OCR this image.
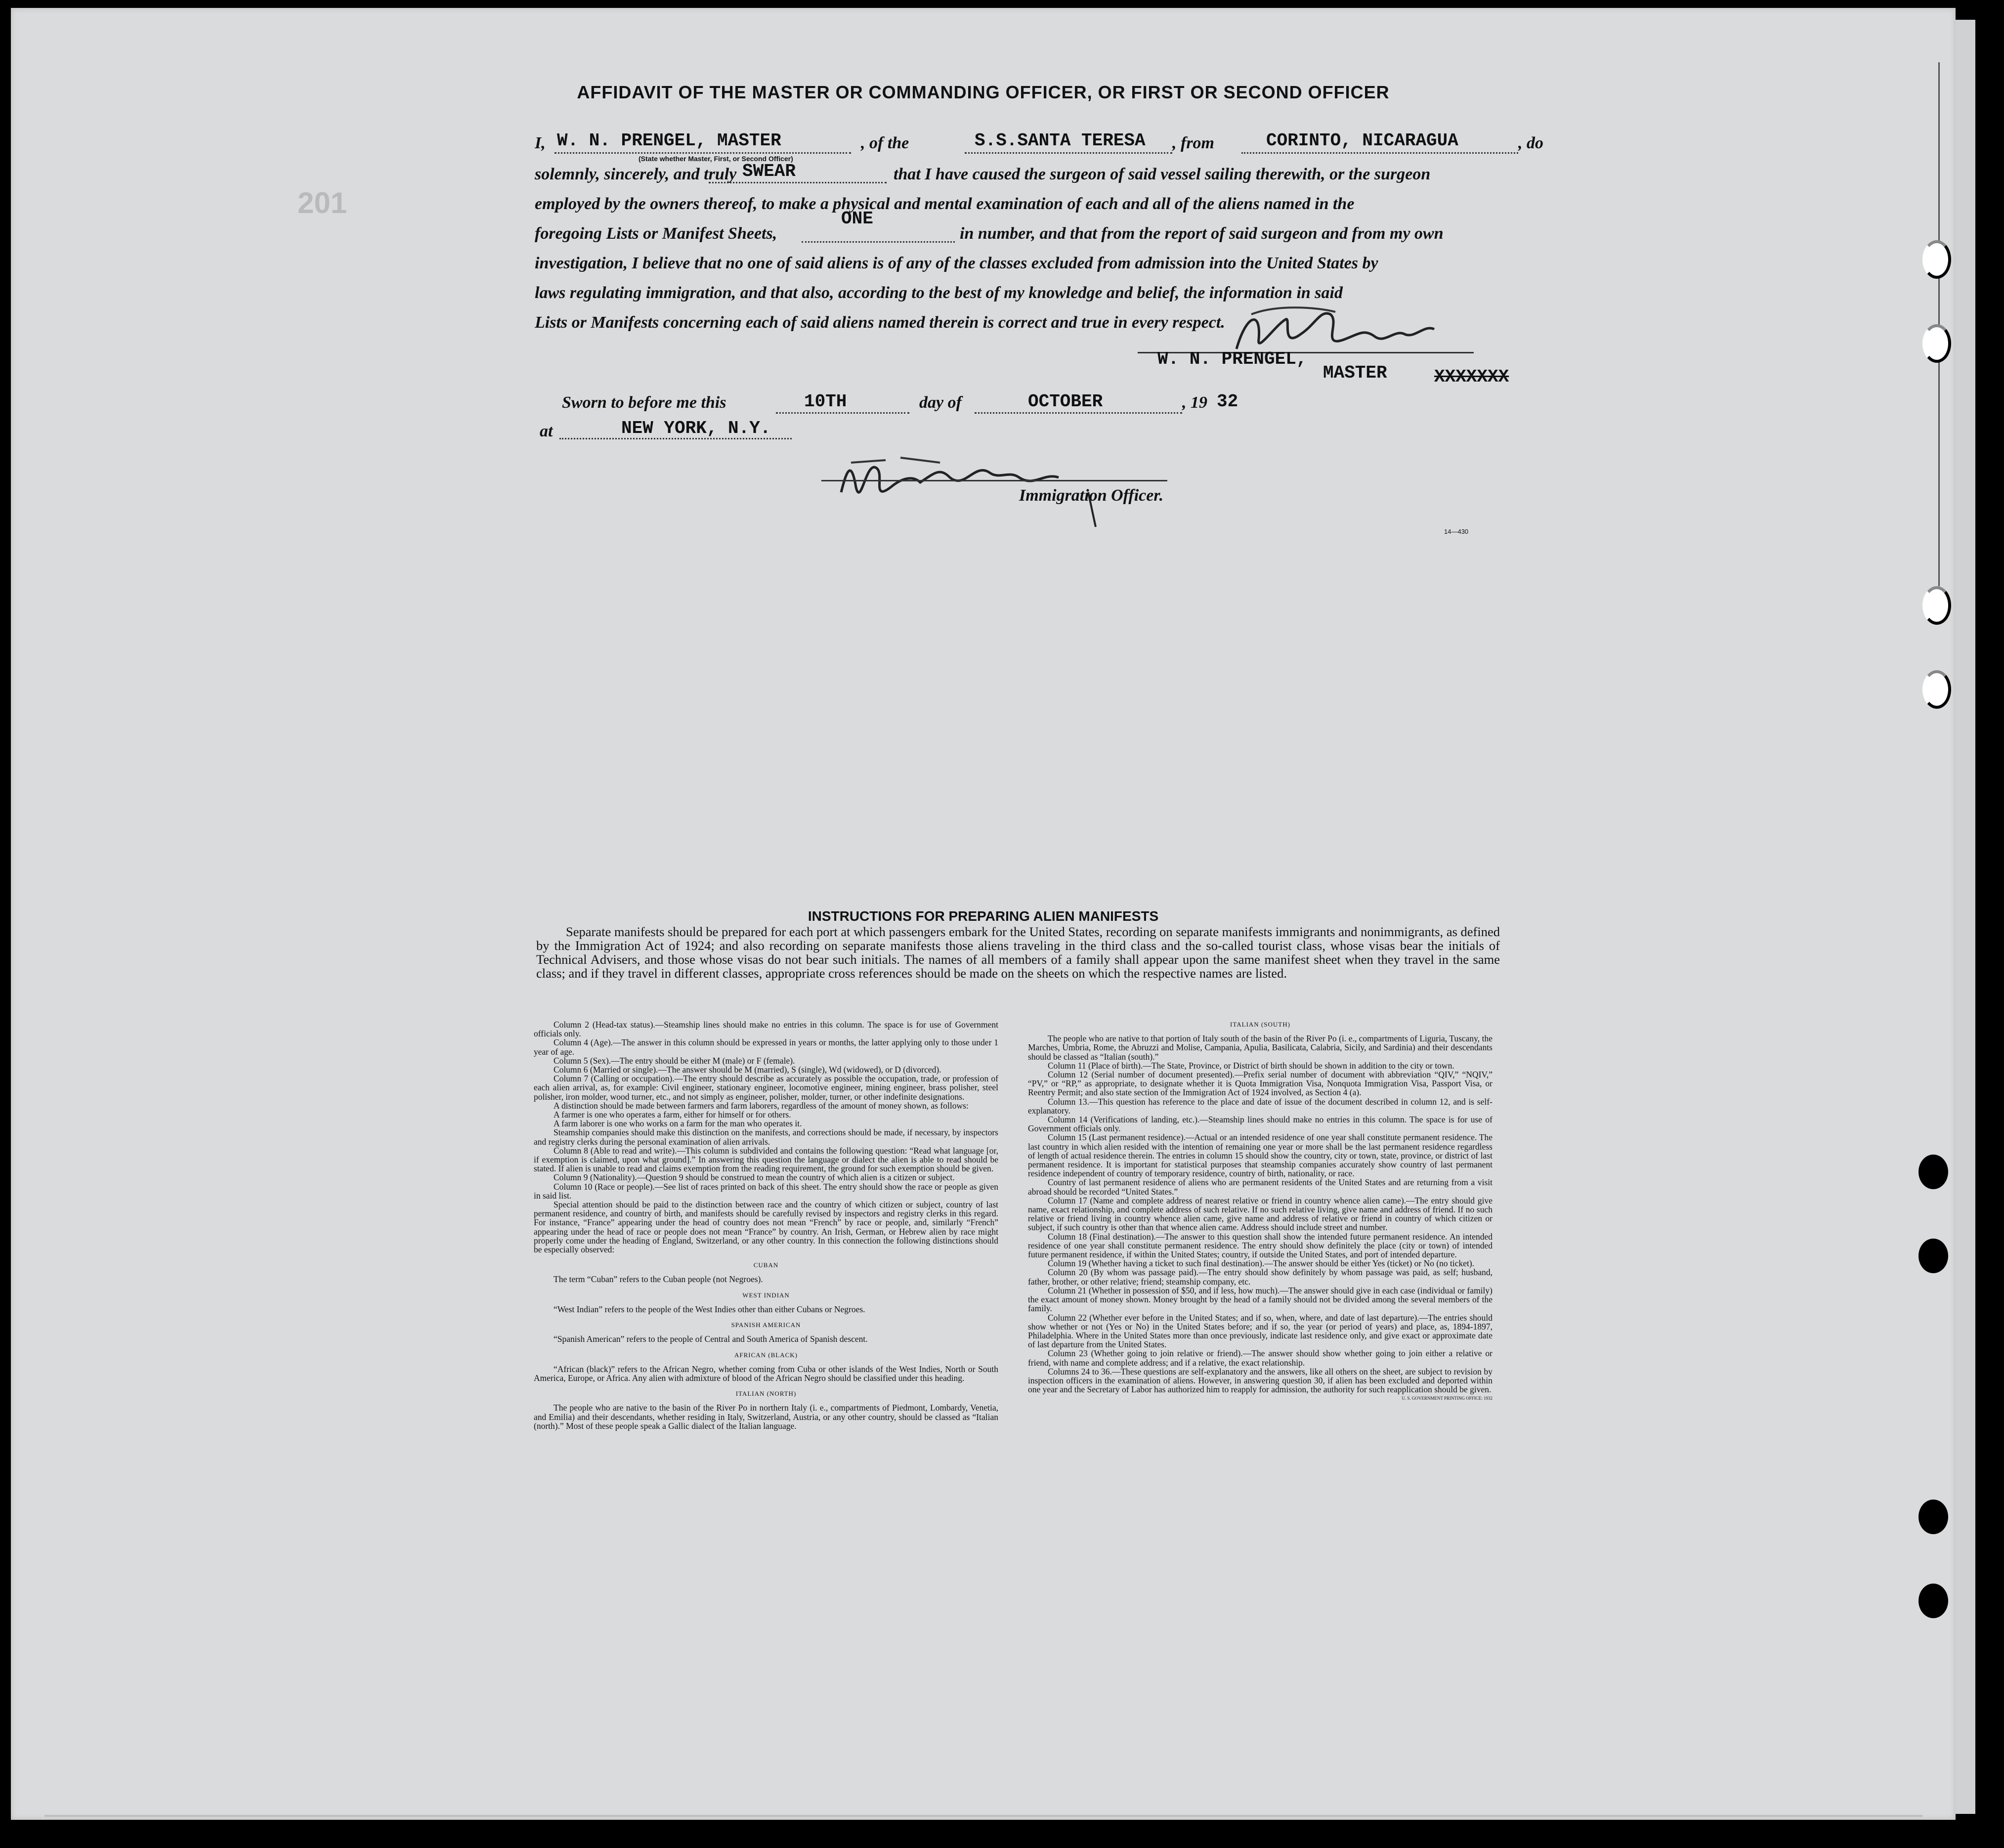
201
AFFIDAVIT OF THE MASTER OR COMMANDING OFFICER, OR FIRST OR SECOND OFFICER
I, W. N. PRENGEL, MASTER
(State whether Master, First, or Second Officer)
, of the	S.S.SANTA TERESA , from	CORINTO, NICARAGUA	, do
solemnly, sincerely, and truly SWEAR	that I have caused the surgeon of said vessel sailing therewith, or the surgeon
employed by the owners thereof, to make a physical and mental examination of each and all of the aliens named in the
foregoing Lists or Manifest Sheets,
ONE
in number, and that from the report of said surgeon and from my own
investigation, I believe that no one of said aliens is of any of the classes excluded from admission into the United States by
laws regulating immigration, and that also, according to the best of my knowledge and belief, the information in said
Lists or Manifests concerning each of said aliens named therein is correct and true in every respect.
W. N. PRENGEL,
MASTER	XXXXXXX
Sworn to before me this	10TH	day of	OCTOBER	, 19 32
at	NEW YORK, N.Y.
Immigration Officer.
14—430
INSTRUCTIONS FOR PREPARING ALIEN MANIFESTS
Separate manifests should be prepared for each port at which passengers embark for the United States, recording on separate manifests immigrants and nonimmigrants, as defined by the Immigration Act of 1924; and also recording on separate manifests those aliens traveling in the third class and the so-called tourist class, whose visas bear the initials of Technical Advisers, and those whose visas do not bear such initials. The names of all members of a family shall appear upon the same manifest sheet when they travel in the same class; and if they travel in different classes, appropriate cross references should be made on the sheets on which the respective names are listed.

Column 2 (Head-tax status).—Steamship lines should make no entries in this column. The space is for use of Government officials only.

Column 4 (Age).—The answer in this column should be expressed in years or months, the latter applying only to those under 1 year of age.

Column 5 (Sex).—The entry should be either M (male) or F (female).

Column 6 (Married or single).—The answer should be M (married), S (single), Wd (widowed), or D (divorced).

Column 7 (Calling or occupation).—The entry should describe as accurately as possible the occupation, trade, or profession of each alien arrival, as, for example: Civil engineer, stationary engineer, locomotive engineer, mining engineer, brass polisher, steel polisher, iron molder, wood turner, etc., and not simply as engineer, polisher, molder, turner, or other indefinite designations.

A distinction should be made between farmers and farm laborers, regardless of the amount of money shown, as follows:

A farmer is one who operates a farm, either for himself or for others.

A farm laborer is one who works on a farm for the man who operates it.

Steamship companies should make this distinction on the manifests, and corrections should be made, if necessary, by inspectors and registry clerks during the personal examination of alien arrivals.

Column 8 (Able to read and write).—This column is subdivided and contains the following question: “Read what language [or, if exemption is claimed, upon what ground].” In answering this question the language or dialect the alien is able to read should be stated. If alien is unable to read and claims exemption from the reading requirement, the ground for such exemption should be given.

Column 9 (Nationality).—Question 9 should be construed to mean the country of which alien is a citizen or subject.

Column 10 (Race or people).—See list of races printed on back of this sheet. The entry should show the race or people as given in said list.

Special attention should be paid to the distinction between race and the country of which citizen or subject, country of last permanent residence, and country of birth, and manifests should be carefully revised by inspectors and registry clerks in this regard. For instance, “France” appearing under the head of country does not mean “French” by race or people, and, similarly “French” appearing under the head of race or people does not mean “France” by country. An Irish, German, or Hebrew alien by race might properly come under the heading of England, Switzerland, or any other country. In this connection the following distinctions should be especially observed:

CUBAN

The term “Cuban” refers to the Cuban people (not Negroes).

WEST INDIAN

“West Indian” refers to the people of the West Indies other than either Cubans or Negroes.

SPANISH AMERICAN

“Spanish American” refers to the people of Central and South America of Spanish descent.

AFRICAN (BLACK)

“African (black)” refers to the African Negro, whether coming from Cuba or other islands of the West Indies, North or South America, Europe, or Africa. Any alien with admixture of blood of the African Negro should be classified under this heading.

ITALIAN (NORTH)

The people who are native to the basin of the River Po in northern Italy (i. e., compartments of Piedmont, Lombardy, Venetia, and Emilia) and their descendants, whether residing in Italy, Switzerland, Austria, or any other country, should be classed as “Italian (north).” Most of these people speak a Gallic dialect of the Italian language.

ITALIAN (SOUTH)

The people who are native to that portion of Italy south of the basin of the River Po (i. e., compartments of Liguria, Tuscany, the Marches, Umbria, Rome, the Abruzzi and Molise, Campania, Apulia, Basilicata, Calabria, Sicily, and Sardinia) and their descendants should be classed as “Italian (south).”

Column 11 (Place of birth).—The State, Province, or District of birth should be shown in addition to the city or town.

Column 12 (Serial number of document presented).—Prefix serial number of document with abbreviation “QIV,” “NQIV,” “PV,” or “RP,” as appropriate, to designate whether it is Quota Immigration Visa, Nonquota Immigration Visa, Passport Visa, or Reentry Permit; and also state section of the Immigration Act of 1924 involved, as Section 4 (a).

Column 13.—This question has reference to the place and date of issue of the document described in column 12, and is self-explanatory.

Column 14 (Verifications of landing, etc.).—Steamship lines should make no entries in this column. The space is for use of Government officials only.

Column 15 (Last permanent residence).—Actual or an intended residence of one year shall constitute permanent residence. The last country in which alien resided with the intention of remaining one year or more shall be the last permanent residence regardless of length of actual residence therein. The entries in column 15 should show the country, city or town, state, province, or district of last permanent residence. It is important for statistical purposes that steamship companies accurately show country of last permanent residence independent of country of temporary residence, country of birth, nationality, or race.

Country of last permanent residence of aliens who are permanent residents of the United States and are returning from a visit abroad should be recorded “United States.”

Column 17 (Name and complete address of nearest relative or friend in country whence alien came).—The entry should give name, exact relationship, and complete address of such relative. If no such relative living, give name and address of friend. If no such relative or friend living in country whence alien came, give name and address of relative or friend in country of which citizen or subject, if such country is other than that whence alien came. Address should include street and number.

Column 18 (Final destination).—The answer to this question shall show the intended future permanent residence. An intended residence of one year shall constitute permanent residence. The entry should show definitely the place (city or town) of intended future permanent residence, if within the United States; country, if outside the United States, and port of intended departure.

Column 19 (Whether having a ticket to such final destination).—The answer should be either Yes (ticket) or No (no ticket).

Column 20 (By whom was passage paid).—The entry should show definitely by whom passage was paid, as self; husband, father, brother, or other relative; friend; steamship company, etc.

Column 21 (Whether in possession of $50, and if less, how much).—The answer should give in each case (individual or family) the exact amount of money shown. Money brought by the head of a family should not be divided among the several members of the family.

Column 22 (Whether ever before in the United States; and if so, when, where, and date of last departure).—The entries should show whether or not (Yes or No) in the United States before; and if so, the year (or period of years) and place, as, 1894-1897, Philadelphia. Where in the United States more than once previously, indicate last residence only, and give exact or approximate date of last departure from the United States.

Column 23 (Whether going to join relative or friend).—The answer should show whether going to join either a relative or friend, with name and complete address; and if a relative, the exact relationship.

Columns 24 to 36.—These questions are self-explanatory and the answers, like all others on the sheet, are subject to revision by inspection officers in the examination of aliens. However, in answering question 30, if alien has been excluded and deported within one year and the Secretary of Labor has authorized him to reapply for admission, the authority for such reapplication should be given.

U. S. GOVERNMENT PRINTING OFFICE: 1932
